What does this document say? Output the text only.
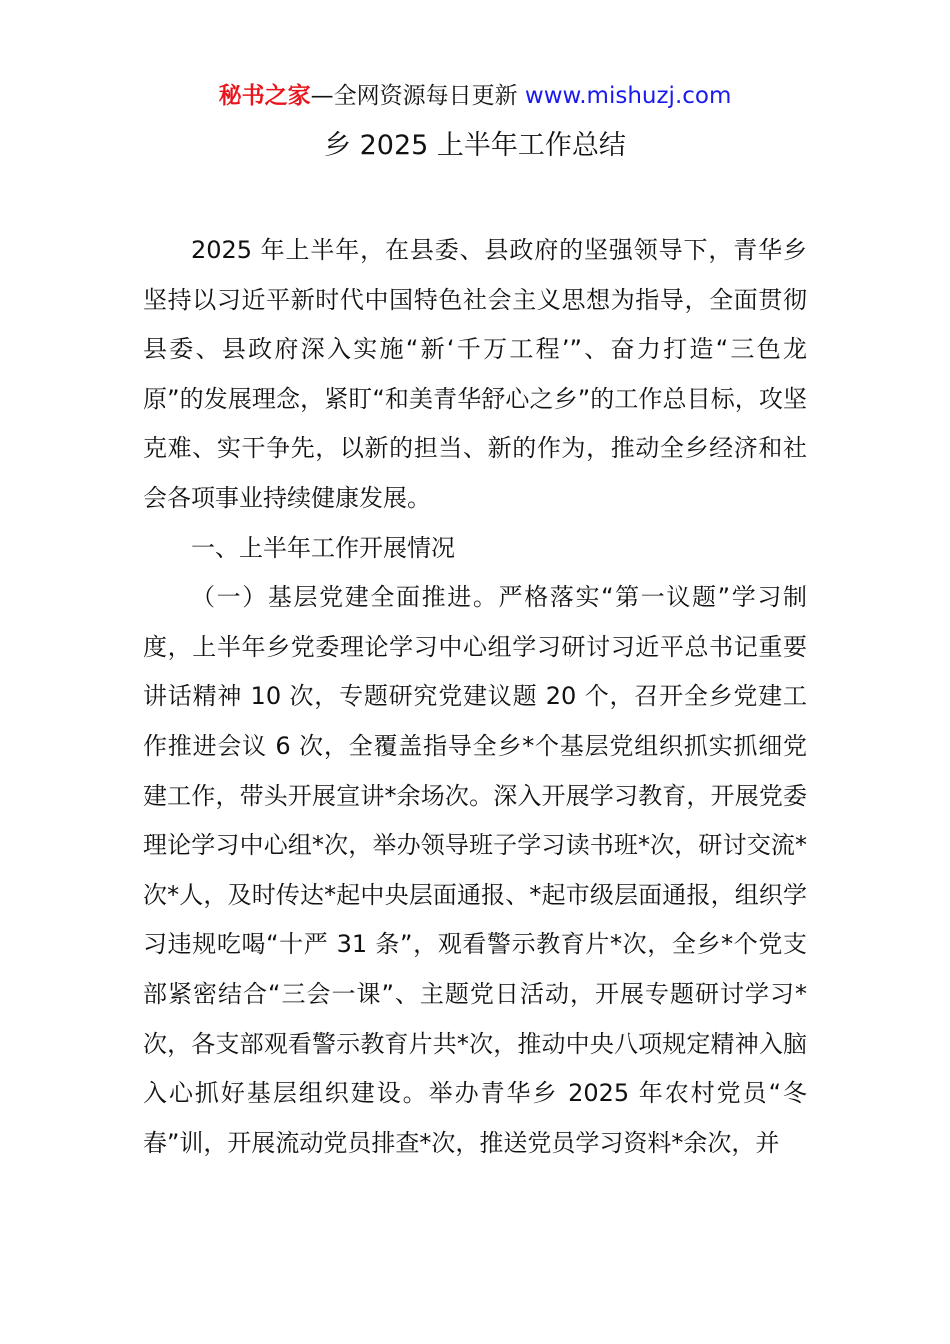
秘书之家—全网资源每日更新 www.mishuzj.com
乡 2025 上半年工作总结

2025 年上半年，在县委、县政府的坚强领导下，青华乡坚持以习近平新时代中国特色社会主义思想为指导，全面贯彻县委、县政府深入实施“新‘千万工程’”、奋力打造“三色龙原”的发展理念，紧盯“和美青华舒心之乡”的工作总目标，攻坚克难、实干争先，以新的担当、新的作为，推动全乡经济和社会各项事业持续健康发展。

一、上半年工作开展情况

（一）基层党建全面推进。严格落实“第一议题”学习制度，上半年乡党委理论学习中心组学习研讨习近平总书记重要讲话精神 10 次，专题研究党建议题 20 个，召开全乡党建工作推进会议 6 次，全覆盖指导全乡*个基层党组织抓实抓细党建工作，带头开展宣讲*余场次。深入开展学习教育，开展党委理论学习中心组*次，举办领导班子学习读书班*次，研讨交流*次*人，及时传达*起中央层面通报、*起市级层面通报，组织学习违规吃喝“十严 31 条”，观看警示教育片*次，全乡*个党支部紧密结合“三会一课”、主题党日活动，开展专题研讨学习*次，各支部观看警示教育片共*次，推动中央八项规定精神入脑入心抓好基层组织建设。举办青华乡 2025 年农村党员“冬春”训，开展流动党员排查*次，推送党员学习资料*余次，并
